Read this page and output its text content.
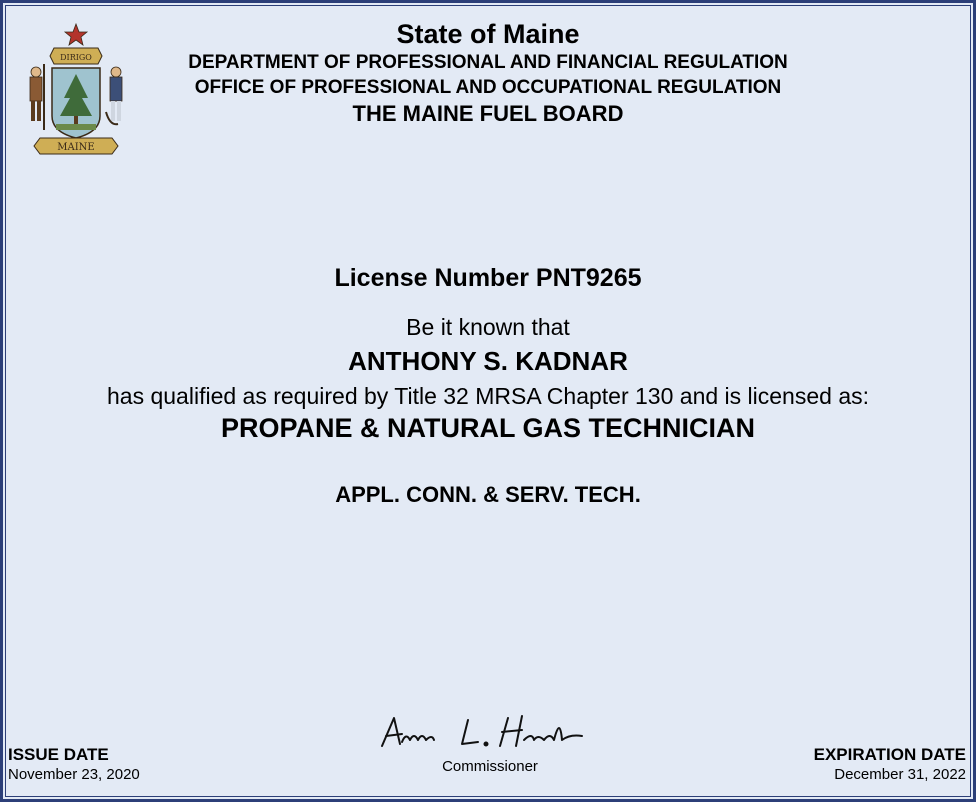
DIRIGO
MAINE
State of Maine
DEPARTMENT OF PROFESSIONAL AND FINANCIAL REGULATION
OFFICE OF PROFESSIONAL AND OCCUPATIONAL REGULATION
THE MAINE FUEL BOARD
License Number PNT9265
Be it known that
ANTHONY S. KADNAR
has qualified as required by Title 32 MRSA Chapter 130 and is licensed as:
PROPANE & NATURAL GAS TECHNICIAN
APPL. CONN. & SERV. TECH.
Commissioner
ISSUE DATE
November 23, 2020
EXPIRATION DATE
December 31, 2022
